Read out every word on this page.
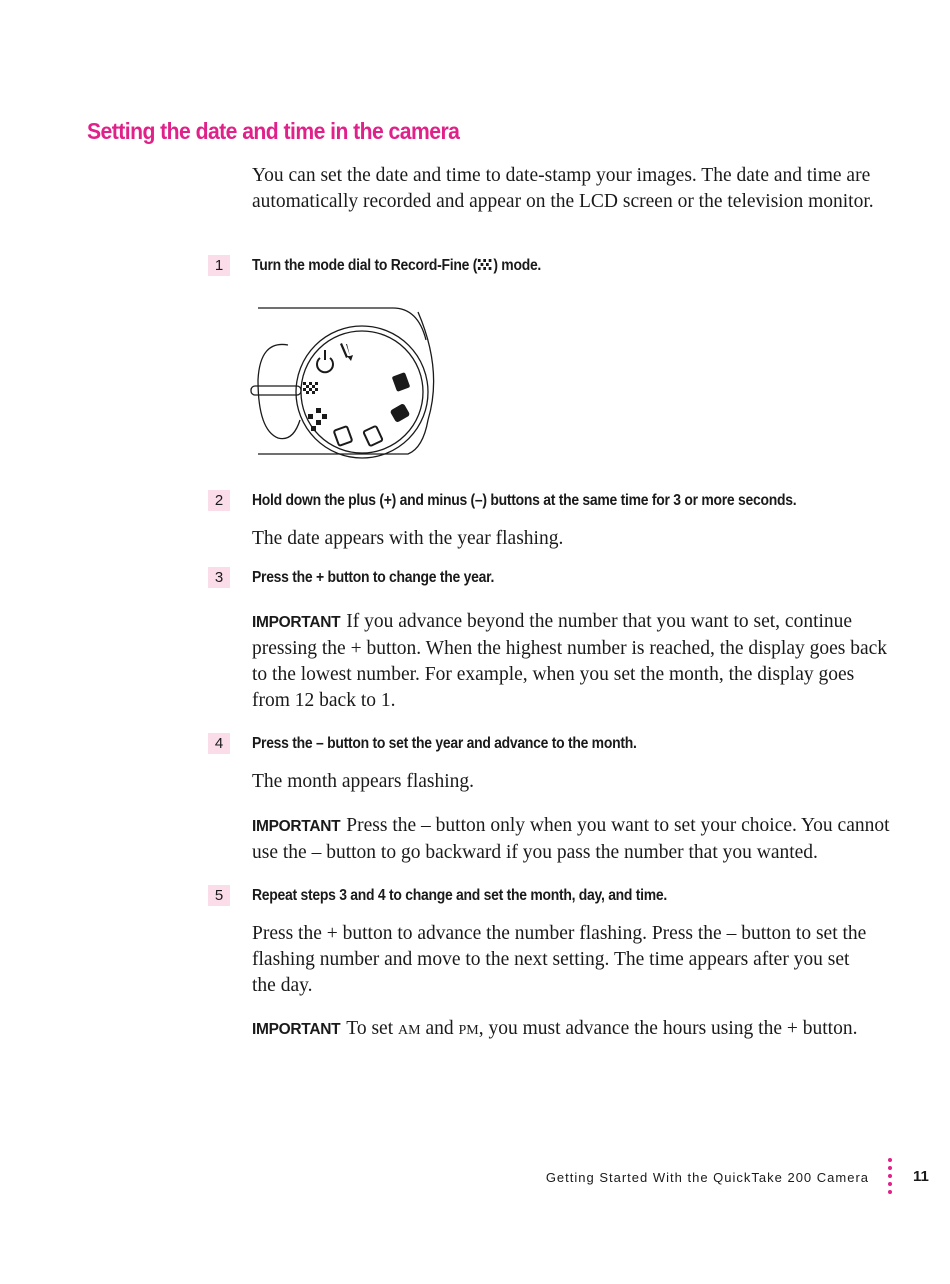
Setting the date and time in the camera

You can set the date and time to date-stamp your images. The date and time are automatically recorded and appear on the LCD screen or the television monitor.

1	Turn the mode dial to Record-Fine ( ) mode.

2	Hold down the plus (+) and minus (–) buttons at the same time for 3 or more seconds.

The date appears with the year flashing.

3	Press the + button to change the year.

IMPORTANT If you advance beyond the number that you want to set, continue pressing the + button. When the highest number is reached, the display goes back to the lowest number. For example, when you set the month, the display goes from 12 back to 1.

4	Press the – button to set the year and advance to the month.

The month appears flashing.

IMPORTANT Press the – button only when you want to set your choice. You cannot use the – button to go backward if you pass the number that you wanted.

5	Repeat steps 3 and 4 to change and set the month, day, and time.

Press the + button to advance the number flashing. Press the – button to set the flashing number and move to the next setting. The time appears after you set the day.

IMPORTANT To set am and pm, you must advance the hours using the + button.

Getting Started With the QuickTake 200 Camera	11
